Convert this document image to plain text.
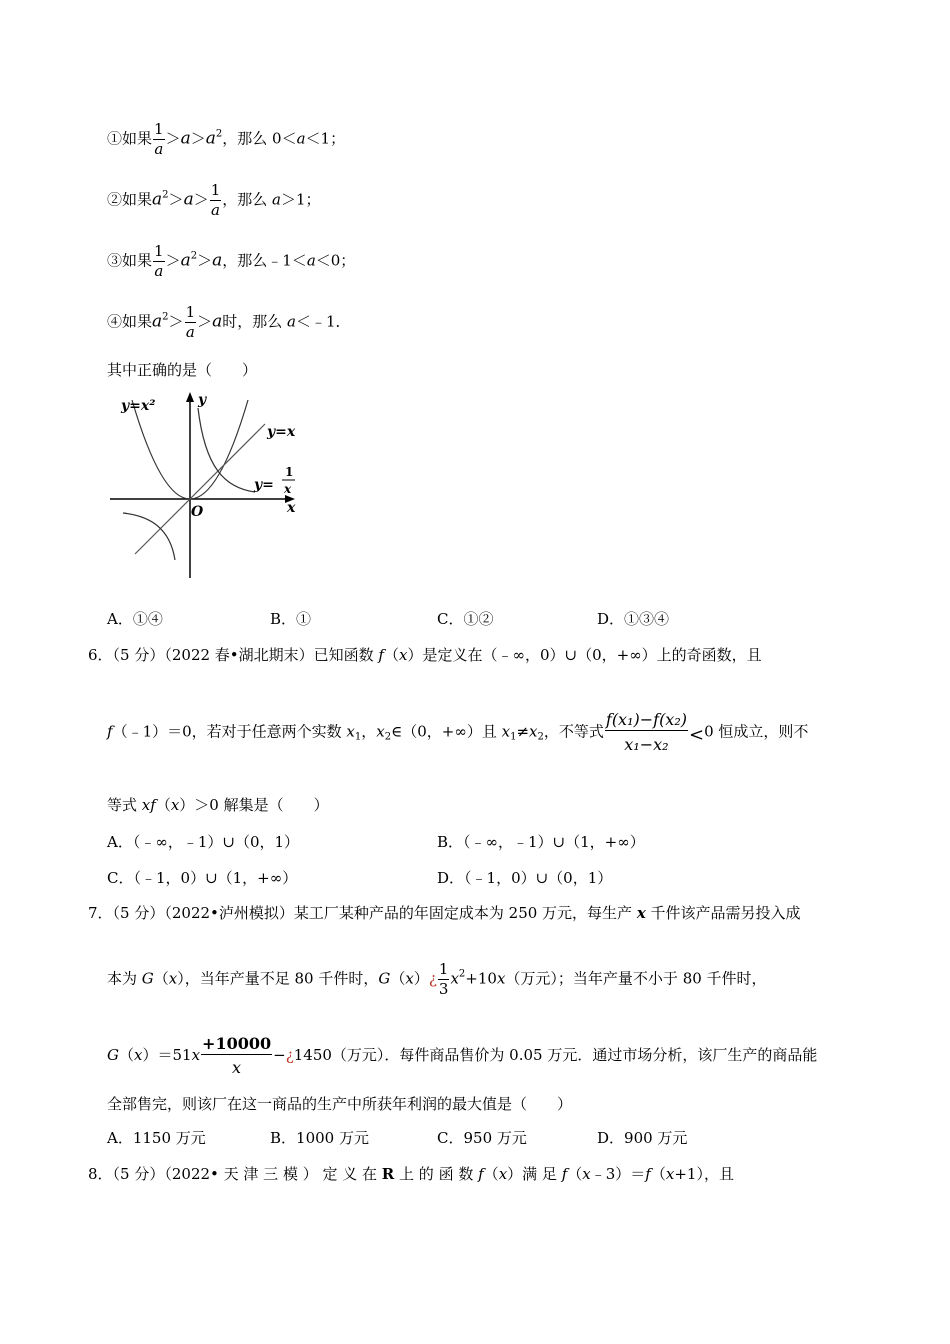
①如果 $\frac{1}{a} >a>a^2$，那么 0＜a＜1；
②如果$a^2>a> \frac{1}{a}$ ，那么 a＞1；
③如果 $\frac{1}{a} >a^2>a$，那么﹣1＜a＜0；
④如果$a^2> \frac{1}{a} >a$时，那么 a＜﹣1．
其中正确的是（　　）
y=x²	y
y=x
y=
1
x
O	x
A．①④	B．①	C．①②	D．①③④
6．（5 分）（2022 春•湖北期末）已知函数 f（x）是定义在（﹣∞，0）∪（0，+∞）上的奇函数，且
f（﹣1）＝0，若对于任意两个实数 $x_1$，$x_2\in(0$，+∞）且 $x_1\ne x_2$，不等式 $\frac{\text{f(x₁)−f(x₂)}}{\text{x₁−x₂}} <0$ 恒成立，则不
等式 xf（x）＞0 解集是（　　）
A．（﹣∞，﹣1）∪（0，1）	B．（﹣∞，﹣1）∪（1，+∞）
C．（﹣1，0）∪（1，+∞）	D．（﹣1，0）∪（0，1）
7．（5 分）（2022•泸州模拟）某工厂某种产品的年固定成本为 250 万元，每生产 x 千件该产品需另投入成
本为 G（x），当年产量不足 80 千件时，G（x）¿ $\frac{1}{3} x^2+10x$（万元）；当年产量不小于 80 千件时，
$G(x)=51x \frac{+10000}{x}$ −¿1450（万元）．每件商品售价为 0.05 万元．通过市场分析，该厂生产的商品能
全部售完，则该厂在这一商品的生产中所获年利润的最大值是（　　）
A．1150 万元	B．1000 万元	C．950 万元	D．900 万元
8．（5 分）（2022• 天 津 三 模 ） 定 义 在 R 上 的 函 数 f（x）满 足 f（x﹣3）＝f（x+1），且
